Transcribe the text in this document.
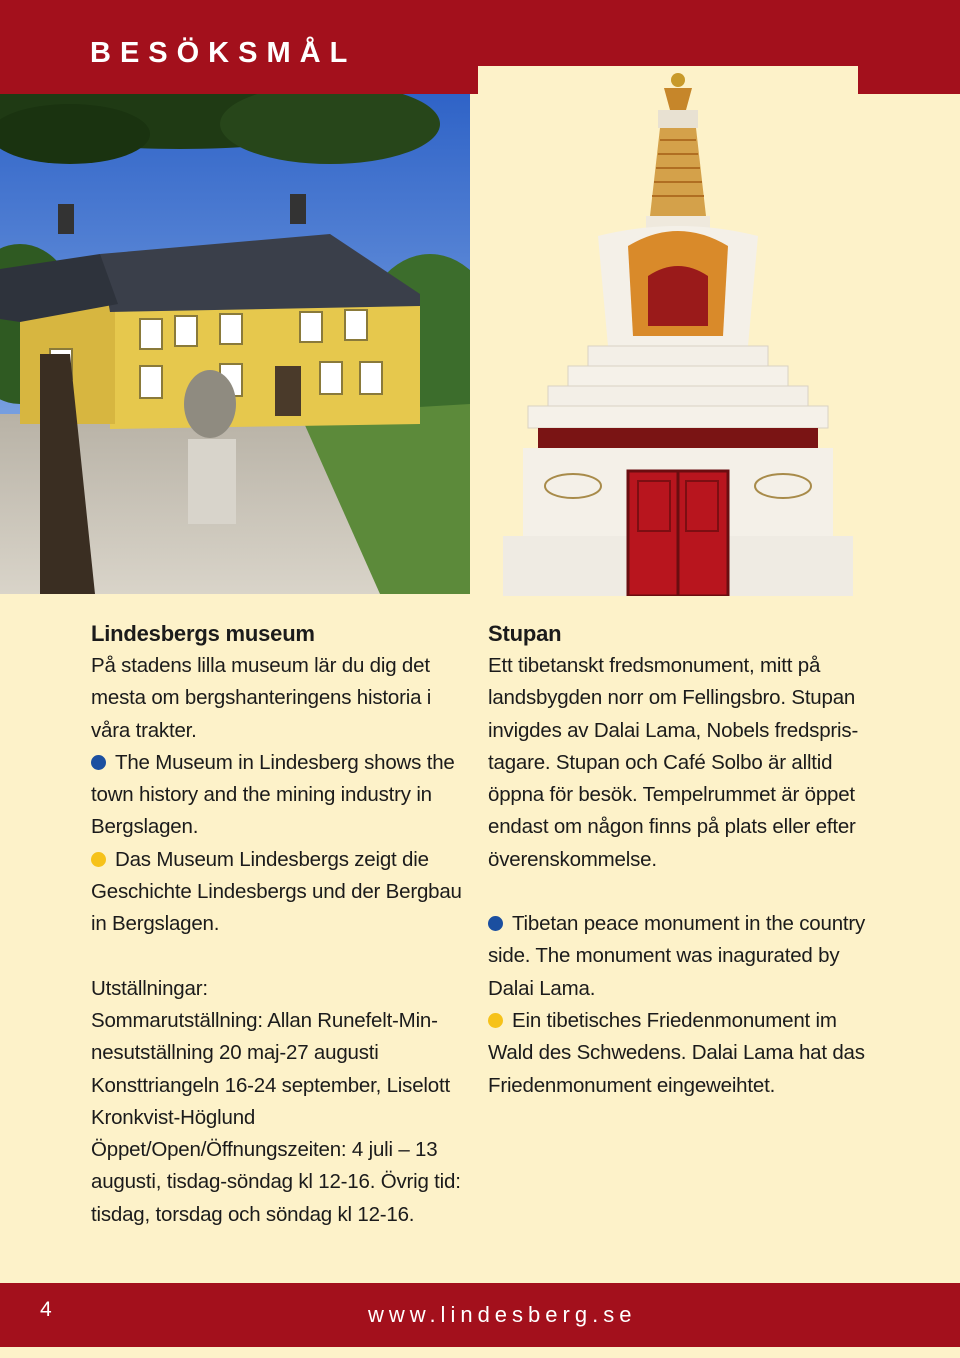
BESÖKSMÅL
Lindesbergs museum

På stadens lilla museum lär du dig det
mesta om bergshanteringens historia i
våra trakter.

The Museum in Lindesberg shows the
town history and the mining industry in
Bergslagen.

Das Museum Lindesbergs zeigt die
Geschichte Lindesbergs und der Bergbau
in Bergslagen.

Utställningar:
Sommarutställning: Allan Runefelt-Min-
nesutställning 20 maj-27 augusti
Konsttriangeln 16-24 september, Liselott
Kronkvist-Höglund
Öppet/Open/Öffnungszeiten: 4 juli – 13
augusti, tisdag-söndag kl 12-16. Övrig tid:
tisdag, torsdag och söndag kl 12-16.

Stupan

Ett tibetanskt fredsmonument, mitt på
landsbygden norr om Fellingsbro. Stupan
invigdes av Dalai Lama, Nobels fredspris-
tagare. Stupan och Café Solbo är alltid
öppna för besök. Tempelrummet är öppet
endast om någon finns på plats eller efter
överenskommelse.

Tibetan peace monument in the country
side. The monument was inagurated by
Dalai Lama.

Ein tibetisches Friedenmonument im
Wald des Schwedens. Dalai Lama hat das
Friedenmonument eingeweihtet.

4	www.lindesberg.se
